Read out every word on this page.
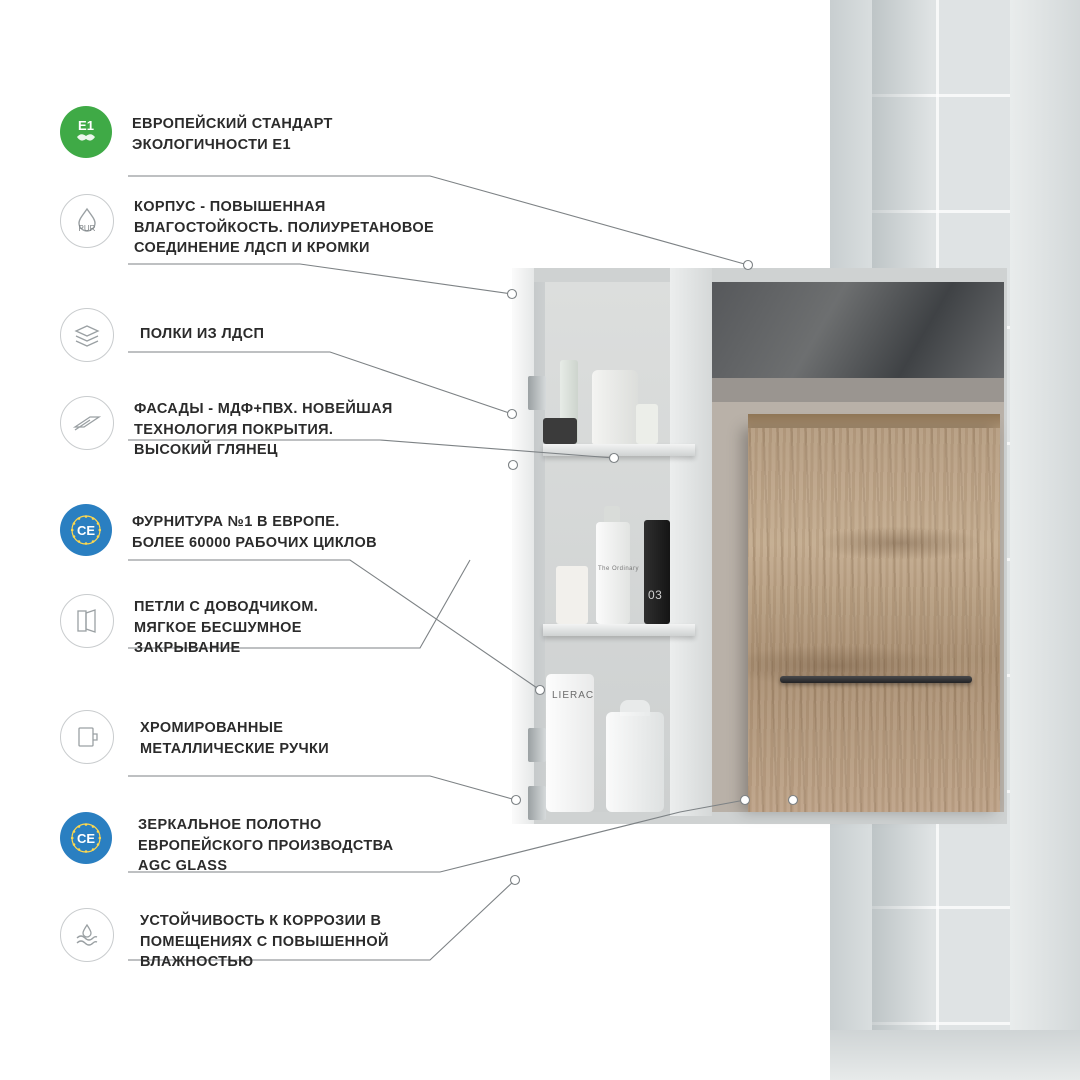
LIERAC
The Ordinary
03
E1	ЕВРОПЕЙСКИЙ СТАНДАРТ
ЭКОЛОГИЧНОСТИ Е1
PUR
КОРПУС - ПОВЫШЕННАЯ
ВЛАГОСТОЙКОСТЬ. ПОЛИУРЕТАНОВОЕ
СОЕДИНЕНИЕ ЛДСП И КРОМКИ
ПОЛКИ ИЗ ЛДСП
ФАСАДЫ - МДФ+ПВХ. НОВЕЙШАЯ
ТЕХНОЛОГИЯ ПОКРЫТИЯ.
ВЫСОКИЙ ГЛЯНЕЦ
CE
ФУРНИТУРА №1 В ЕВРОПЕ.
БОЛЕЕ 60000 РАБОЧИХ ЦИКЛОВ
ПЕТЛИ С ДОВОДЧИКОМ.
МЯГКОЕ БЕСШУМНОЕ
ЗАКРЫВАНИЕ
ХРОМИРОВАННЫЕ
МЕТАЛЛИЧЕСКИЕ РУЧКИ
CE
ЗЕРКАЛЬНОЕ ПОЛОТНО
ЕВРОПЕЙСКОГО ПРОИЗВОДСТВА
AGC GLASS
УСТОЙЧИВОСТЬ К КОРРОЗИИ В
ПОМЕЩЕНИЯХ С ПОВЫШЕННОЙ
ВЛАЖНОСТЬЮ
